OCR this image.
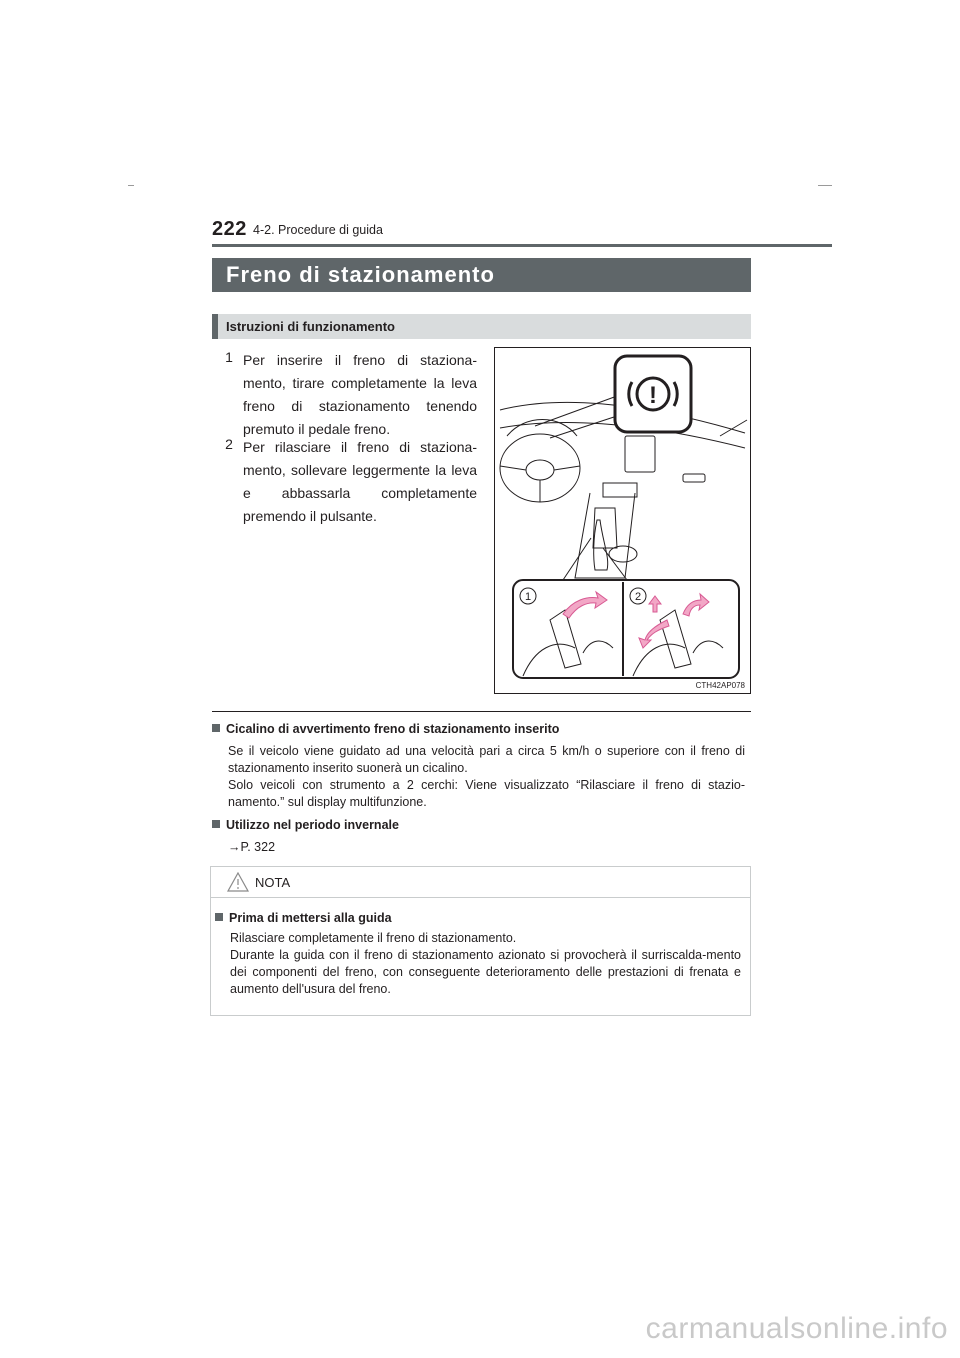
222 4-2. Procedure di guida
Freno di stazionamento
Istruzioni di funzionamento
1 Per inserire il freno di staziona-mento, tirare completamente la leva freno di stazionamento tenendo premuto il pedale freno.
2 Per rilasciare il freno di staziona-mento, sollevare leggermente la leva e abbassarla completamente premendo il pulsante.
!
1	2
CTH42AP078
Cicalino di avvertimento freno di stazionamento inserito
Se il veicolo viene guidato ad una velocità pari a circa 5 km/h o superiore con il freno di stazionamento inserito suonerà un cicalino.
Solo veicoli con strumento a 2 cerchi: Viene visualizzato “Rilasciare il freno di stazio-namento.” sul display multifunzione.
Utilizzo nel periodo invernale
→P. 322
NOTA
Prima di mettersi alla guida
Rilasciare completamente il freno di stazionamento.
Durante la guida con il freno di stazionamento azionato si provocherà il surriscalda-mento dei componenti del freno, con conseguente deterioramento delle prestazioni di frenata e aumento dell'usura del freno.
carmanualsonline.info
